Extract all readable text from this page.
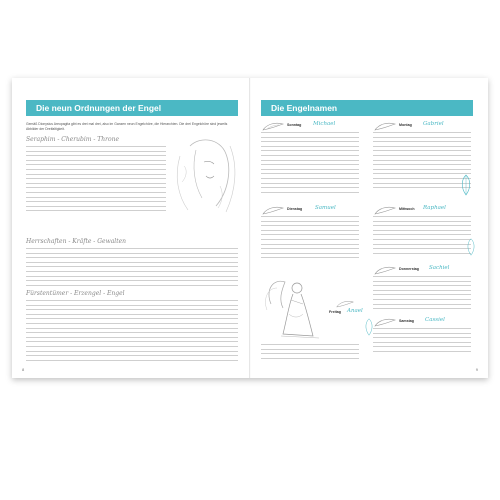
Die neun Ordnungen der Engel
Gemäß Dionysius Areopagita gibt es drei mal drei, also im Ganzen neun Engelchöre, die Hierarchien. Die drei Engelchöre sind jeweils Abbilder der Dreifaltigkeit.
Seraphim - Cherubim - Throne
Herrschaften - Kräfte - Gewalten
Fürstentümer - Erzengel - Engel
8
Die Engelnamen
Sonntag Michael
Dienstag Samuel
Freitag Anael
Montag Gabriel
Mittwoch Raphael
Donnerstag Sachiel
Samstag Cassiel
9
